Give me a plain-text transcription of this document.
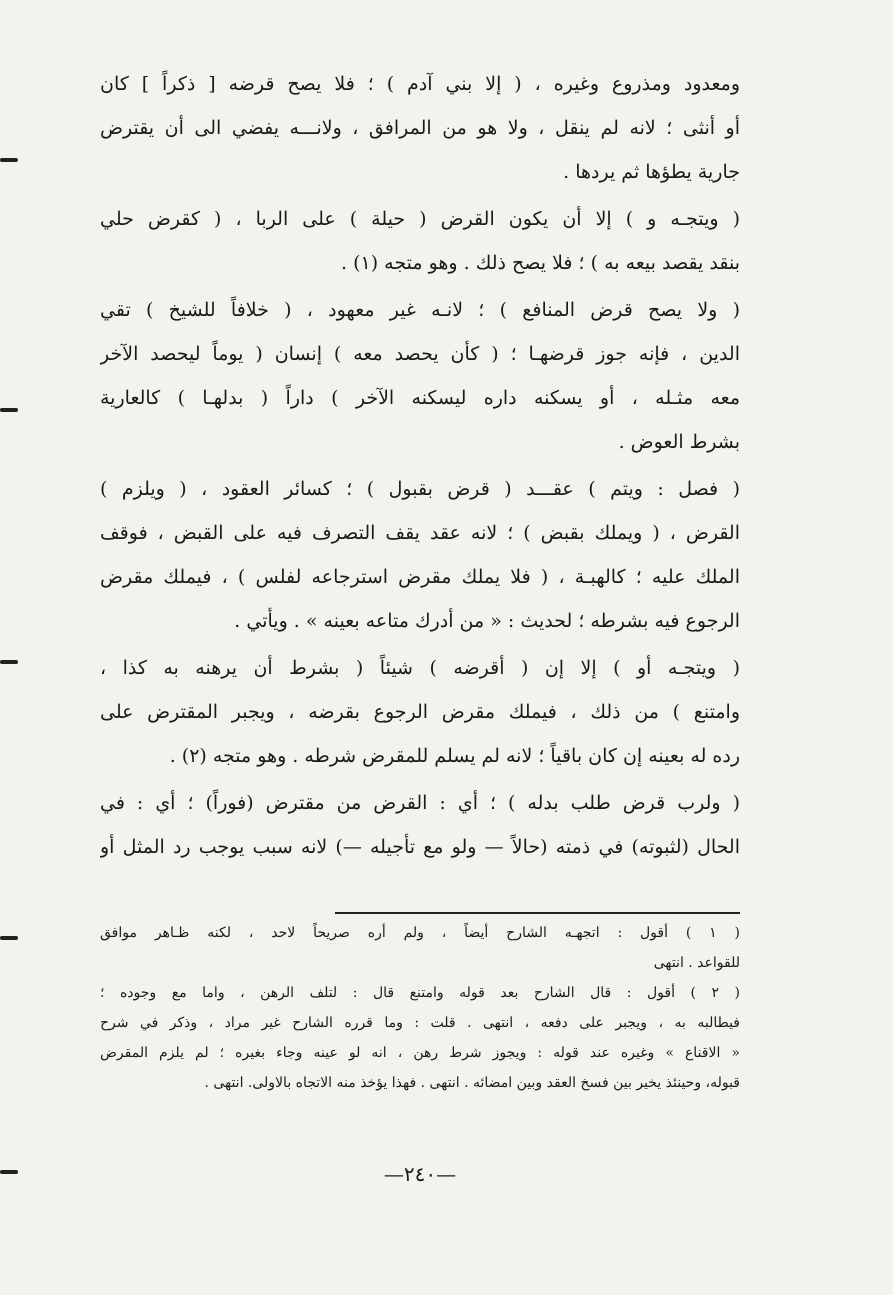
ومعدود ومذروع وغيره ، ( إلا بني آدم ) ؛ فلا يصح قرضه [ ذكراً ] كان
أو أنثى ؛ لانه لم ينقل ، ولا هو من المرافق ، ولانـــه يفضي الى أن يقترض
جارية يطؤها ثم يردها .
( ويتجـه و ) إلا أن يكون القرض ( حيلة ) على الربا ، ( كقرض حلي
بنقد يقصد بيعه به ) ؛ فلا يصح ذلك . وهو متجه (١) .
( ولا يصح قرض المنافع ) ؛ لانـه غير معهود ، ( خلافاً للشيخ ) تقي
الدين ، فإنه جوز قرضهـا ؛ ( كأن يحصد معه ) إنسان ( يوماً ليحصد الآخر
معه مثـله ، أو يسكنه داره ليسكنه الآخر ) داراً ( بدلهـا ) كالعارية
بشرط العوض .
( فصل : ويتم ) عقـــد ( قرض بقبول ) ؛ كسائر العقود ، ( ويلزم )
القرض ، ( ويملك بقبض ) ؛ لانه عقد يقف التصرف فيه على القبض ، فوقف
الملك عليه ؛ كالهبـة ، ( فلا يملك مقرض استرجاعه لفلس ) ، فيملك مقرض
الرجوع فيه بشرطه ؛ لحديث : « من أدرك متاعه بعينه » . ويأتي .
( ويتجـه أو ) إلا إن ( أقرضه ) شيئاً ( بشرط أن يرهنه به كذا ،
وامتنع ) من ذلك ، فيملك مقرض الرجوع بقرضه ، ويجبر المقترض على
رده له بعينه إن كان باقياً ؛ لانه لم يسلم للمقرض شرطه . وهو متجه (٢) .
( ولرب قرض طلب بدله ) ؛ أي : القرض من مقترض (فوراً) ؛ أي : في
الحال (لثبوته) في ذمته (حالاً — ولو مع تأجيله —) لانه سبب يوجب رد المثل أو
( ١ ) أقول : اتجهـه الشارح أيضاً ، ولم أره صريحاً لاحد ، لكنه ظـاهر موافق
للقواعد . انتهى
( ٢ ) أقول : قال الشارح بعد قوله وامتنع قال : لتلف الرهن ، واما مع وجوده ؛
فيطالبه به ، ويجبر على دفعه ، انتهى . قلت : وما قرره الشارح غير مراد ، وذكر في شرح
« الاقناع » وغيره عند قوله : ويجوز شرط رهن ، انه لو عينه وجاء بغيره ؛ لم يلزم المقرض
قبوله، وحينئذ يخير بين فسخ العقد وبين امضائه . انتهى . فهذا يؤخذ منه الاتجاه بالاولى. انتهى .
—٢٤٠—
